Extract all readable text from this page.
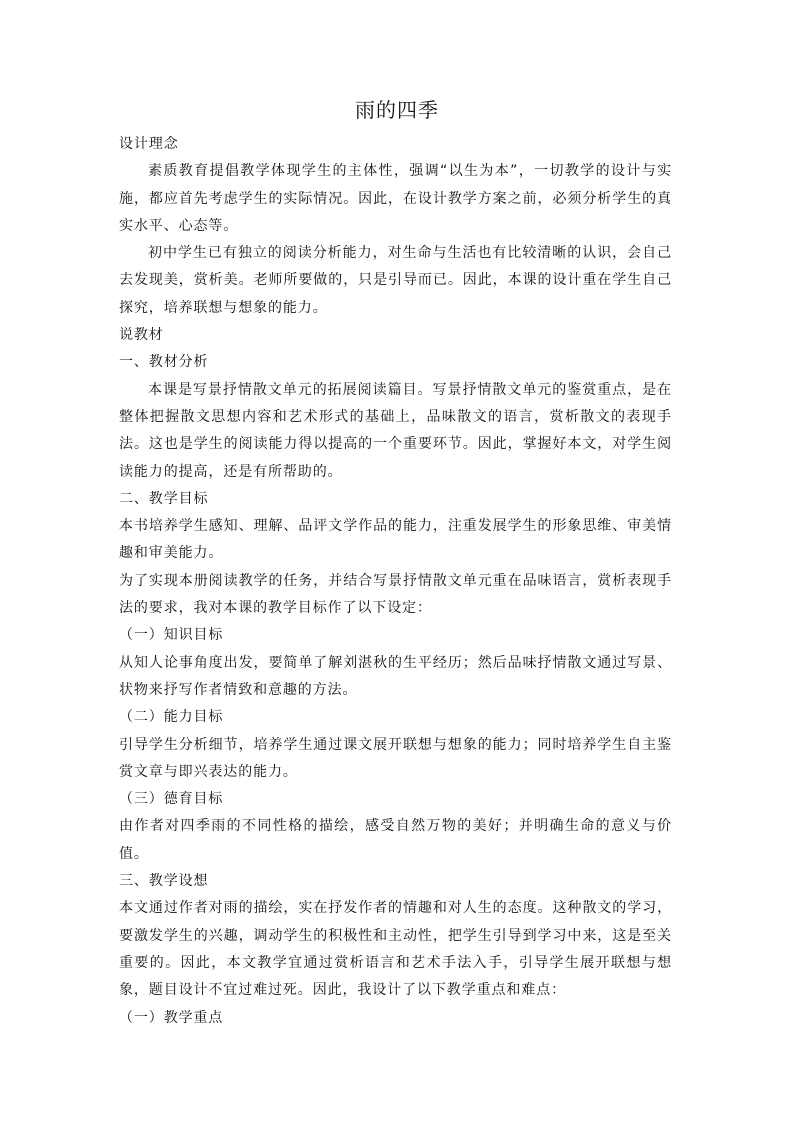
雨的四季

设计理念

素质教育提倡教学体现学生的主体性，强调“以生为本”，一切教学的设计与实施，都应首先考虑学生的实际情况。因此，在设计教学方案之前，必须分析学生的真实水平、心态等。

初中学生已有独立的阅读分析能力，对生命与生活也有比较清晰的认识，会自己去发现美，赏析美。老师所要做的，只是引导而已。因此，本课的设计重在学生自己探究，培养联想与想象的能力。

说教材

一、教材分析

本课是写景抒情散文单元的拓展阅读篇目。写景抒情散文单元的鉴赏重点，是在整体把握散文思想内容和艺术形式的基础上，品味散文的语言，赏析散文的表现手法。这也是学生的阅读能力得以提高的一个重要环节。因此，掌握好本文，对学生阅读能力的提高，还是有所帮助的。

二、教学目标

本书培养学生感知、理解、品评文学作品的能力，注重发展学生的形象思维、审美情趣和审美能力。

为了实现本册阅读教学的任务，并结合写景抒情散文单元重在品味语言，赏析表现手法的要求，我对本课的教学目标作了以下设定：

（一）知识目标

从知人论事角度出发，要简单了解刘湛秋的生平经历；然后品味抒情散文通过写景、状物来抒写作者情致和意趣的方法。

（二）能力目标

引导学生分析细节，培养学生通过课文展开联想与想象的能力；同时培养学生自主鉴赏文章与即兴表达的能力。

（三）德育目标

由作者对四季雨的不同性格的描绘，感受自然万物的美好；并明确生命的意义与价值。

三、教学设想

本文通过作者对雨的描绘，实在抒发作者的情趣和对人生的态度。这种散文的学习，要激发学生的兴趣，调动学生的积极性和主动性，把学生引导到学习中来，这是至关重要的。因此，本文教学宜通过赏析语言和艺术手法入手，引导学生展开联想与想象，题目设计不宜过难过死。因此，我设计了以下教学重点和难点：

（一）教学重点
